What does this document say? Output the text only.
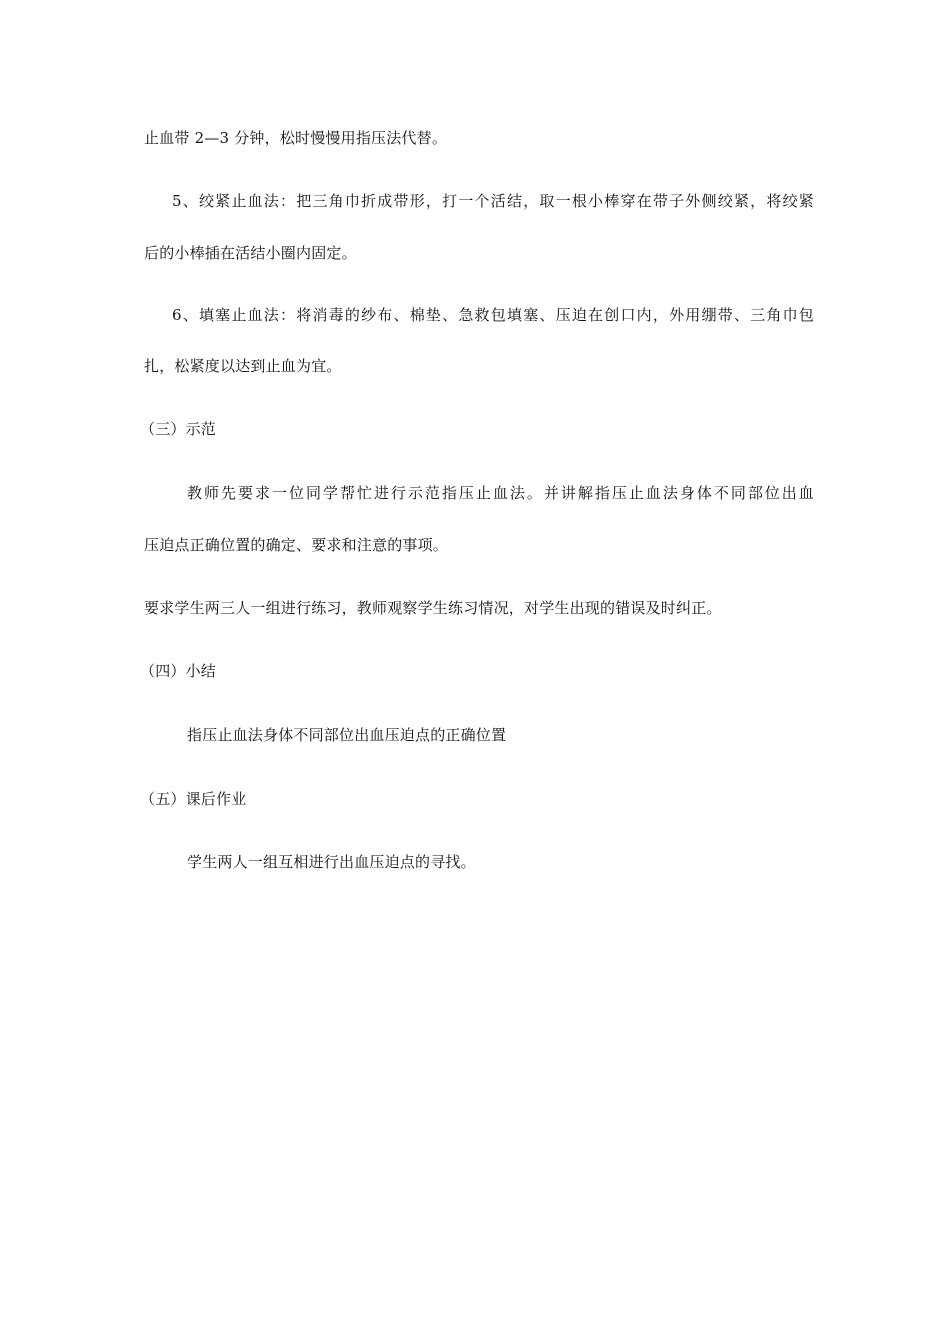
止血带 2—3 分钟，松时慢慢用指压法代替。
5、绞紧止血法：把三角巾折成带形，打一个活结，取一根小棒穿在带子外侧绞紧，将绞紧
后的小棒插在活结小圈内固定。
6、填塞止血法：将消毒的纱布、棉垫、急救包填塞、压迫在创口内，外用绷带、三角巾包
扎，松紧度以达到止血为宜。
（三）示范
教师先要求一位同学帮忙进行示范指压止血法。并讲解指压止血法身体不同部位出血
压迫点正确位置的确定、要求和注意的事项。
要求学生两三人一组进行练习，教师观察学生练习情况，对学生出现的错误及时纠正。
（四）小结
指压止血法身体不同部位出血压迫点的正确位置
（五）课后作业
学生两人一组互相进行出血压迫点的寻找。
